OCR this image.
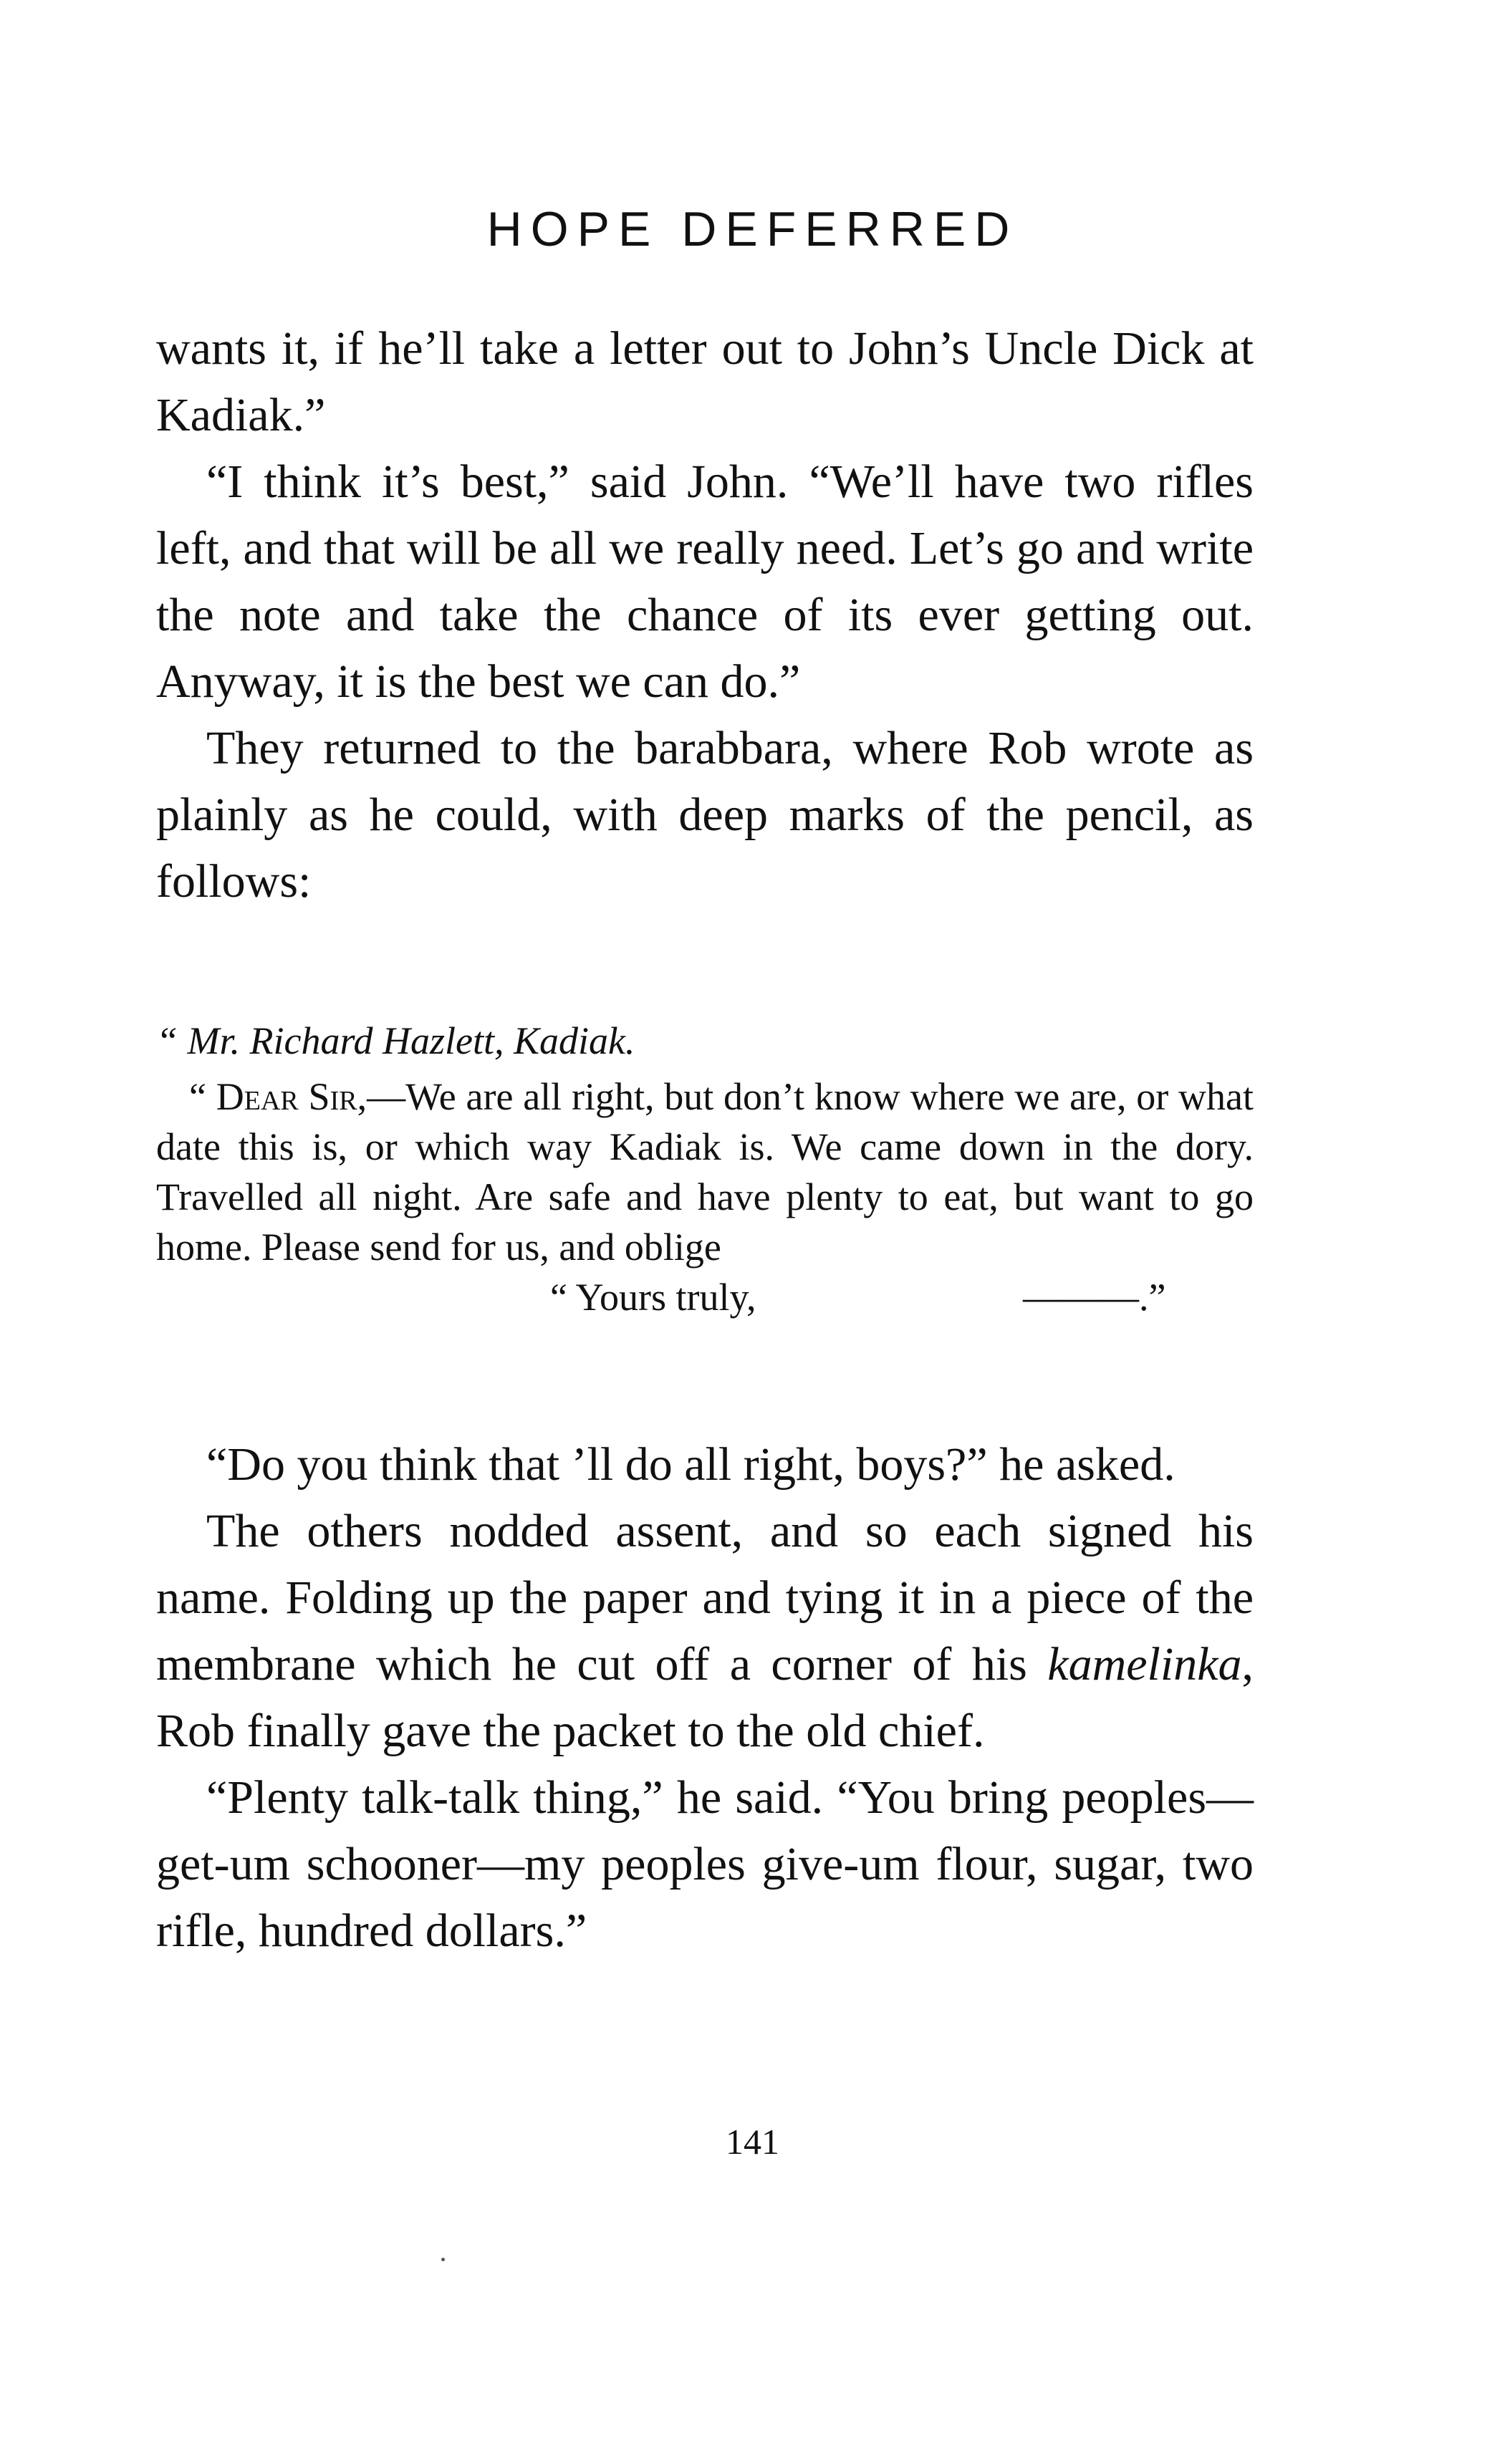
HOPE DEFERRED

wants it, if he’ll take a letter out to John’s Uncle Dick at Kadiak.”

“I think it’s best,” said John. “We’ll have two rifles left, and that will be all we really need. Let’s go and write the note and take the chance of its ever getting out. Anyway, it is the best we can do.”

They returned to the barabbara, where Rob wrote as plainly as he could, with deep marks of the pencil, as follows:

“ Mr. Richard Hazlett, Kadiak.

“ Dear Sir,—We are all right, but don’t know where we are, or what date this is, or which way Kadiak is. We came down in the dory. Travelled all night. Are safe and have plenty to eat, but want to go home. Please send for us, and oblige

“ Yours truly,	———.”

“Do you think that ’ll do all right, boys?” he asked.

The others nodded assent, and so each signed his name. Folding up the paper and tying it in a piece of the membrane which he cut off a corner of his kamelinka, Rob finally gave the packet to the old chief.

“Plenty talk-talk thing,” he said. “You bring peoples—get-um schooner—my peoples give-um flour, sugar, two rifle, hundred dollars.”

141
